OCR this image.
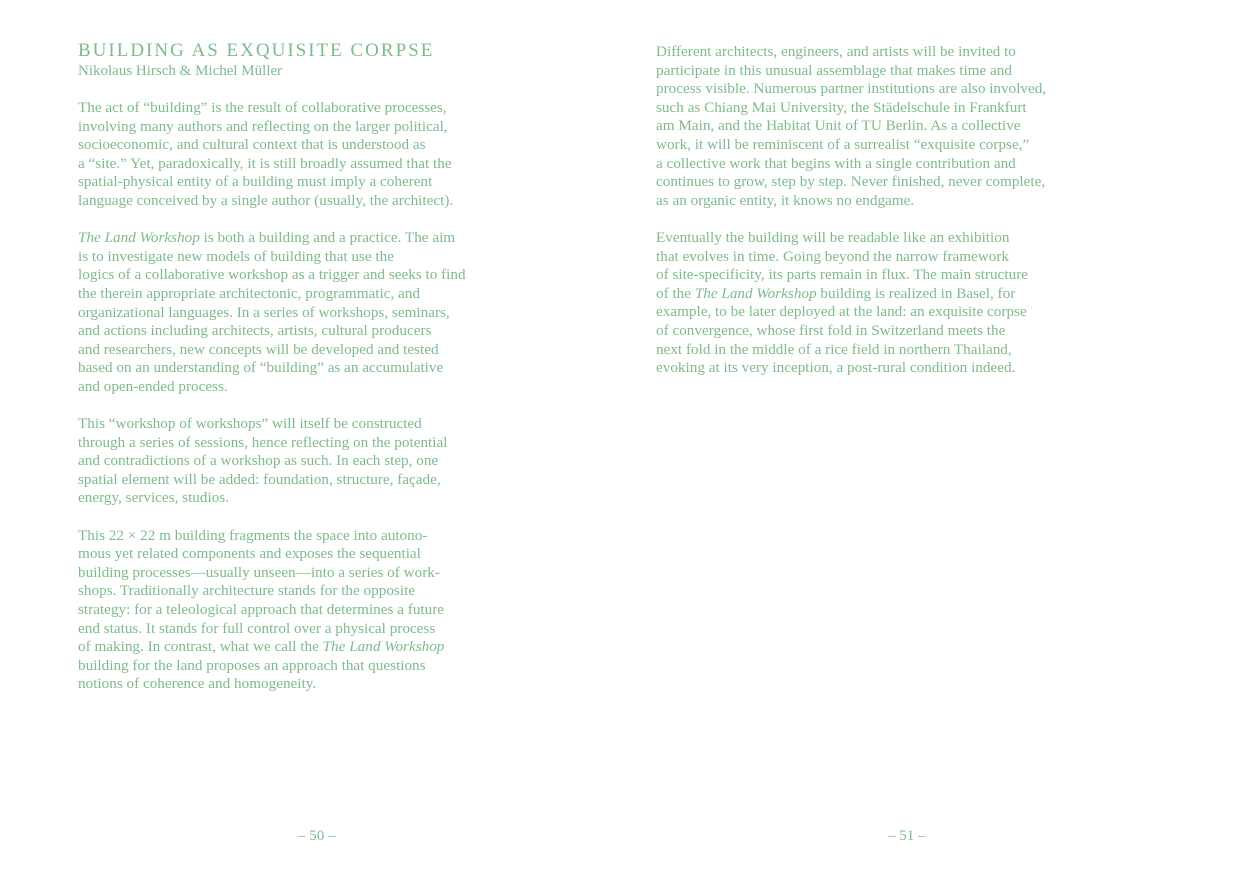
BUILDING AS EXQUISITE CORPSE

Nikolaus Hirsch & Michel Müller

The act of “building” is the result of collaborative processes,
involving many authors and reflecting on the larger political,
socioeconomic, and cultural context that is understood as
a “site.” Yet, paradoxically, it is still broadly assumed that the
spatial-physical entity of a building must imply a coherent
language conceived by a single author (usually, the architect).
The Land Workshop is both a building and a practice. The aim
is to investigate new models of building that use the
logics of a collaborative workshop as a trigger and seeks to find
the therein appropriate architectonic, programmatic, and
organizational languages. In a series of workshops, seminars,
and actions including architects, artists, cultural producers
and researchers, new concepts will be developed and tested
based on an understanding of “building” as an accumulative
and open-ended process.
This “workshop of workshops” will itself be constructed
through a series of sessions, hence reflecting on the potential
and contradictions of a workshop as such. In each step, one
spatial element will be added: foundation, structure, façade,
energy, services, studios.
This 22 × 22 m building fragments the space into autono-
mous yet related components and exposes the sequential
building processes—usually unseen—into a series of work-
shops. Traditionally architecture stands for the opposite
strategy: for a teleological approach that determines a future
end status. It stands for full control over a physical process
of making. In contrast, what we call the The Land Workshop
building for the land proposes an approach that questions
notions of coherence and homogeneity.
– 50 –
Different architects, engineers, and artists will be invited to
participate in this unusual assemblage that makes time and
process visible. Numerous partner institutions are also involved,
such as Chiang Mai University, the Städelschule in Frankfurt
am Main, and the Habitat Unit of TU Berlin. As a collective
work, it will be reminiscent of a surrealist “exquisite corpse,”
a collective work that begins with a single contribution and
continues to grow, step by step. Never finished, never complete,
as an organic entity, it knows no endgame.
Eventually the building will be readable like an exhibition
that evolves in time. Going beyond the narrow framework
of site-specificity, its parts remain in flux. The main structure
of the The Land Workshop building is realized in Basel, for
example, to be later deployed at the land: an exquisite corpse
of convergence, whose first fold in Switzerland meets the
next fold in the middle of a rice field in northern Thailand,
evoking at its very inception, a post-rural condition indeed.
– 51 –
